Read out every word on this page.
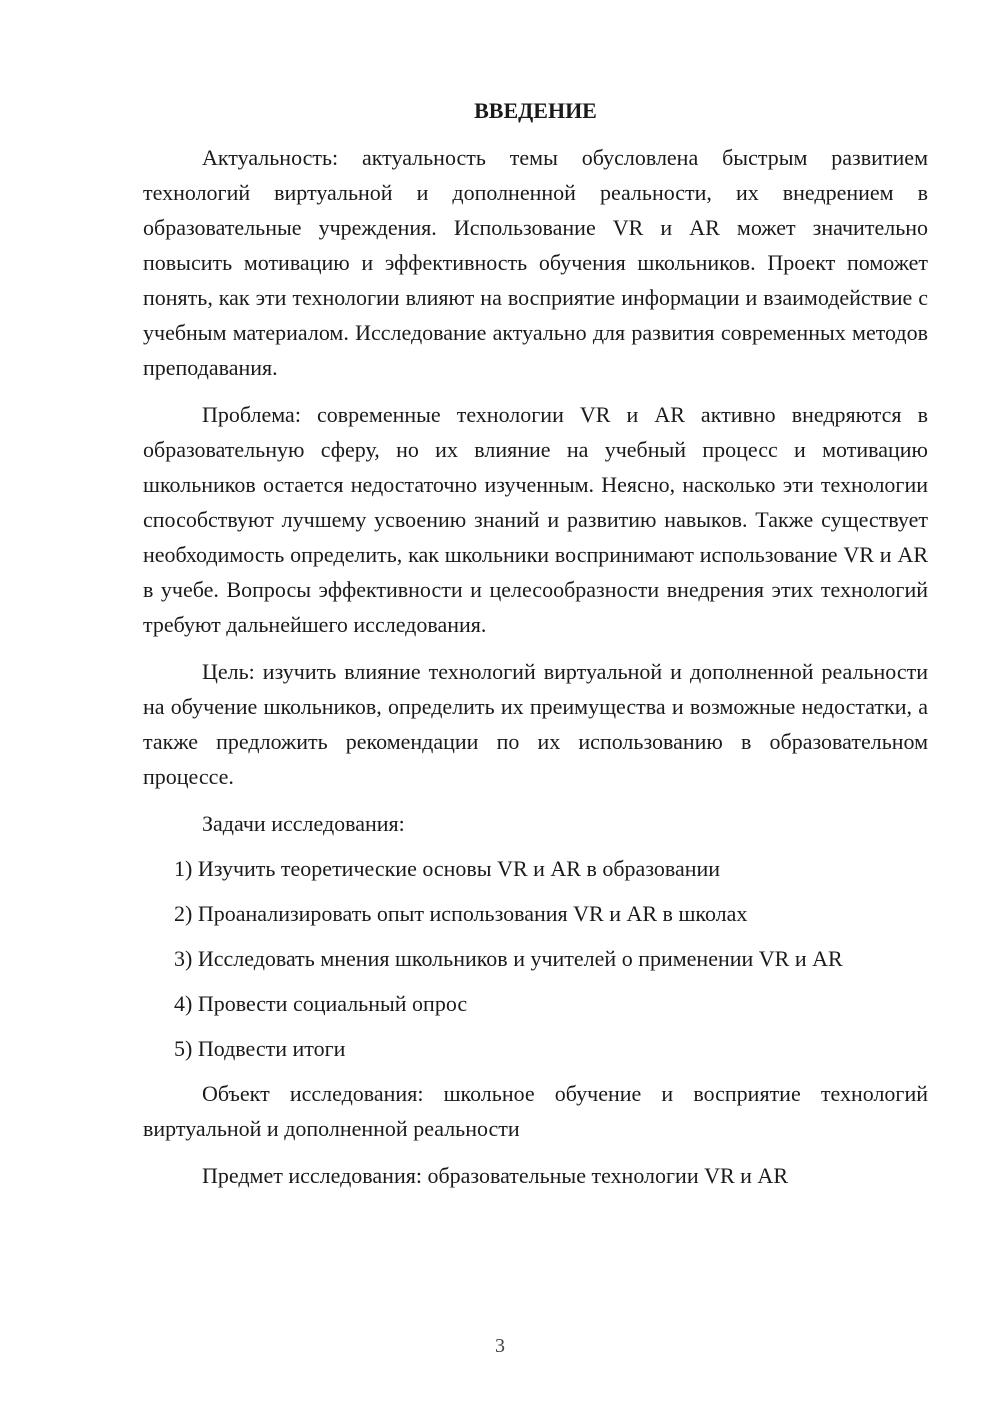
ВВЕДЕНИЕ

Актуальность: актуальность темы обусловлена быстрым развитием технологий виртуальной и дополненной реальности, их внедрением в образовательные учреждения. Использование VR и AR может значительно повысить мотивацию и эффективность обучения школьников. Проект поможет понять, как эти технологии влияют на восприятие информации и взаимодействие с учебным материалом. Исследование актуально для развития современных методов преподавания.

Проблема: современные технологии VR и AR активно внедряются в образовательную сферу, но их влияние на учебный процесс и мотивацию школьников остается недостаточно изученным. Неясно, насколько эти технологии способствуют лучшему усвоению знаний и развитию навыков. Также существует необходимость определить, как школьники воспринимают использование VR и AR в учебе. Вопросы эффективности и целесообразности внедрения этих технологий требуют дальнейшего исследования.

Цель: изучить влияние технологий виртуальной и дополненной реальности на обучение школьников, определить их преимущества и возможные недостатки, а также предложить рекомендации по их использованию в образовательном процессе.

Задачи исследования:

1) Изучить теоретические основы VR и AR в образовании

2) Проанализировать опыт использования VR и AR в школах

3) Исследовать мнения школьников и учителей о применении VR и AR

4) Провести социальный опрос

5) Подвести итоги

Объект исследования: школьное обучение и восприятие технологий виртуальной и дополненной реальности

Предмет исследования: образовательные технологии VR и AR

3
